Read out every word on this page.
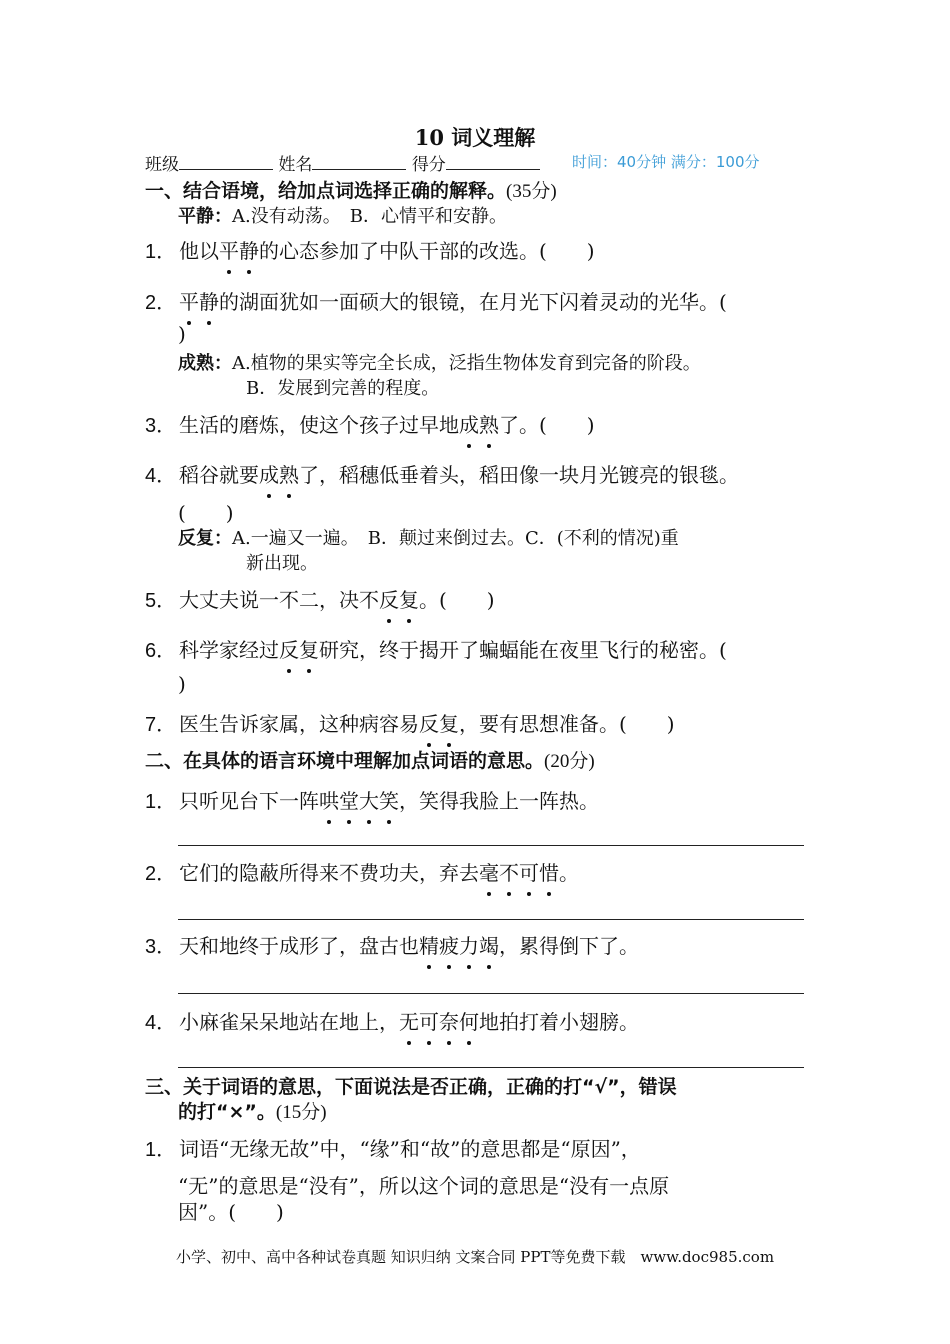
10 词义理解
班级	姓名	得分	时间：40分钟 满分：100分
一、结合语境，给加点词选择正确的解释。(35分)
平静：A.没有动荡。　B．心情平和安静。
1． 他以平静的心态参加了中队干部的改选。(　　)
2． 平静的湖面犹如一面硕大的银镜，在月光下闪着灵动的光华。(
)
成熟：A.植物的果实等完全长成，泛指生物体发育到完备的阶段。
B．发展到完善的程度。
3． 生活的磨炼，使这个孩子过早地成熟了。(　　)
4． 稻谷就要成熟了，稻穗低垂着头，稻田像一块月光镀亮的银毯。
(　　)
反复：A.一遍又一遍。　B．颠过来倒过去。C．(不利的情况)重
新出现。
5． 大丈夫说一不二，决不反复。(　　)
6． 科学家经过反复研究，终于揭开了蝙蝠能在夜里飞行的秘密。(
)
7． 医生告诉家属，这种病容易反复，要有思想准备。(　　)
二、在具体的语言环境中理解加点词语的意思。(20分)
1． 只听见台下一阵哄堂大笑，笑得我脸上一阵热。
2． 它们的隐蔽所得来不费功夫，弃去毫不可惜。
3． 天和地终于成形了，盘古也精疲力竭，累得倒下了。
4． 小麻雀呆呆地站在地上，无可奈何地拍打着小翅膀。
三、关于词语的意思，下面说法是否正确，正确的打“√”，错误
的打“×”。(15分)
1． 词语“无缘无故”中，“缘”和“故”的意思都是“原因”，
“无”的意思是“没有”，所以这个词的意思是“没有一点原
因”。(　　)
小学、初中、高中各种试卷真题 知识归纳 文案合同 PPT等免费下载　www.doc985.com
